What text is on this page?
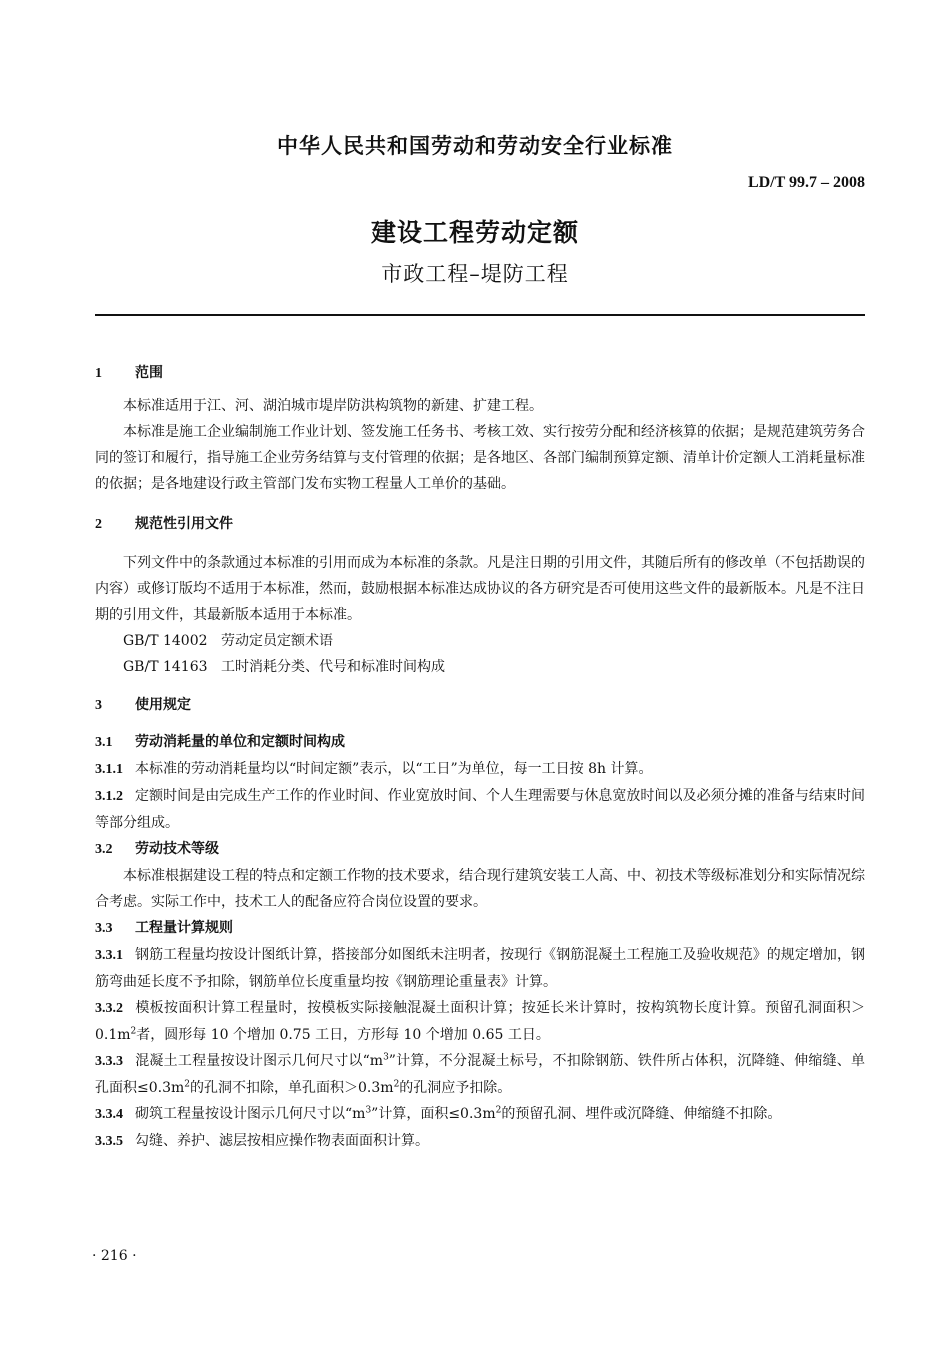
中华人民共和国劳动和劳动安全行业标准
LD/T 99.7 – 2008
建设工程劳动定额
市政工程–堤防工程
1 范围
本标准适用于江、河、湖泊城市堤岸防洪构筑物的新建、扩建工程。
本标准是施工企业编制施工作业计划、签发施工任务书、考核工效、实行按劳分配和经济核算的依据；是规范建筑劳务合同的签订和履行，指导施工企业劳务结算与支付管理的依据；是各地区、各部门编制预算定额、清单计价定额人工消耗量标准的依据；是各地建设行政主管部门发布实物工程量人工单价的基础。
2 规范性引用文件
下列文件中的条款通过本标准的引用而成为本标准的条款。凡是注日期的引用文件，其随后所有的修改单（不包括勘误的内容）或修订版均不适用于本标准，然而，鼓励根据本标准达成协议的各方研究是否可使用这些文件的最新版本。凡是不注日期的引用文件，其最新版本适用于本标准。
GB/T 14002 劳动定员定额术语
GB/T 14163 工时消耗分类、代号和标准时间构成
3 使用规定
3.1 劳动消耗量的单位和定额时间构成
3.1.1 本标准的劳动消耗量均以“时间定额”表示，以“工日”为单位，每一工日按 8h 计算。
3.1.2 定额时间是由完成生产工作的作业时间、作业宽放时间、个人生理需要与休息宽放时间以及必须分摊的准备与结束时间等部分组成。
3.2 劳动技术等级
本标准根据建设工程的特点和定额工作物的技术要求，结合现行建筑安装工人高、中、初技术等级标准划分和实际情况综合考虑。实际工作中，技术工人的配备应符合岗位设置的要求。
3.3 工程量计算规则
3.3.1 钢筋工程量均按设计图纸计算，搭接部分如图纸未注明者，按现行《钢筋混凝土工程施工及验收规范》的规定增加，钢筋弯曲延长度不予扣除，钢筋单位长度重量均按《钢筋理论重量表》计算。
3.3.2 模板按面积计算工程量时，按模板实际接触混凝土面积计算；按延长米计算时，按构筑物长度计算。预留孔洞面积$>0.1m^2$者，圆形每 10 个增加 0.75 工日，方形每 10 个增加 0.65 工日。
3.3.3 混凝土工程量按设计图示几何尺寸以“$m^3$”计算，不分混凝土标号，不扣除钢筋、铁件所占体积，沉降缝、伸缩缝、单孔面积$\le 0.3m^2$的孔洞不扣除，单孔面积$>0.3m^2$的孔洞应予扣除。
3.3.4 砌筑工程量按设计图示几何尺寸以“$m^3$”计算，面积$\le 0.3m^2$的预留孔洞、埋件或沉降缝、伸缩缝不扣除。
3.3.5 勾缝、养护、滤层按相应操作物表面面积计算。
· 216 ·
